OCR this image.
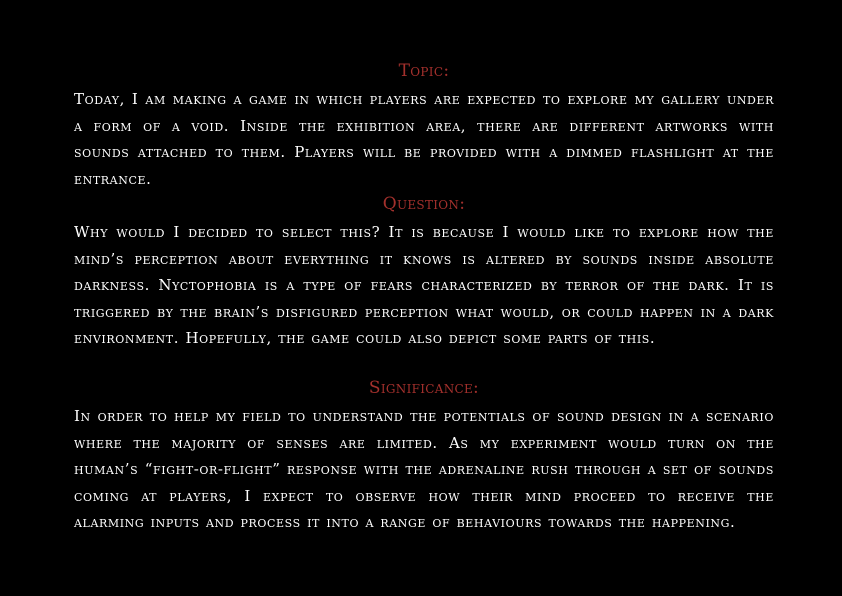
Topic:
Today, I am making a game in which players are expected to explore my gallery under a form of a void. Inside the exhibition area, there are different artworks with sounds attached to them. Players will be provided with a dimmed flashlight at the entrance.
Question:
Why would I decided to select this? It is because I would like to explore how the mind’s perception about everything it knows is altered by sounds inside absolute darkness. Nyctophobia is a type of fears characterized by terror of the dark. It is triggered by the brain’s disfigured perception what would, or could happen in a dark environment. Hopefully, the game could also depict some parts of this.
Significance:
In order to help my field to understand the potentials of sound design in a scenario where the majority of senses are limited. As my experiment would turn on the human’s “fight-or-flight” response with the adrenaline rush through a set of sounds coming at players, I expect to observe how their mind proceed to receive the alarming inputs and process it into a range of behaviours towards the happening.
